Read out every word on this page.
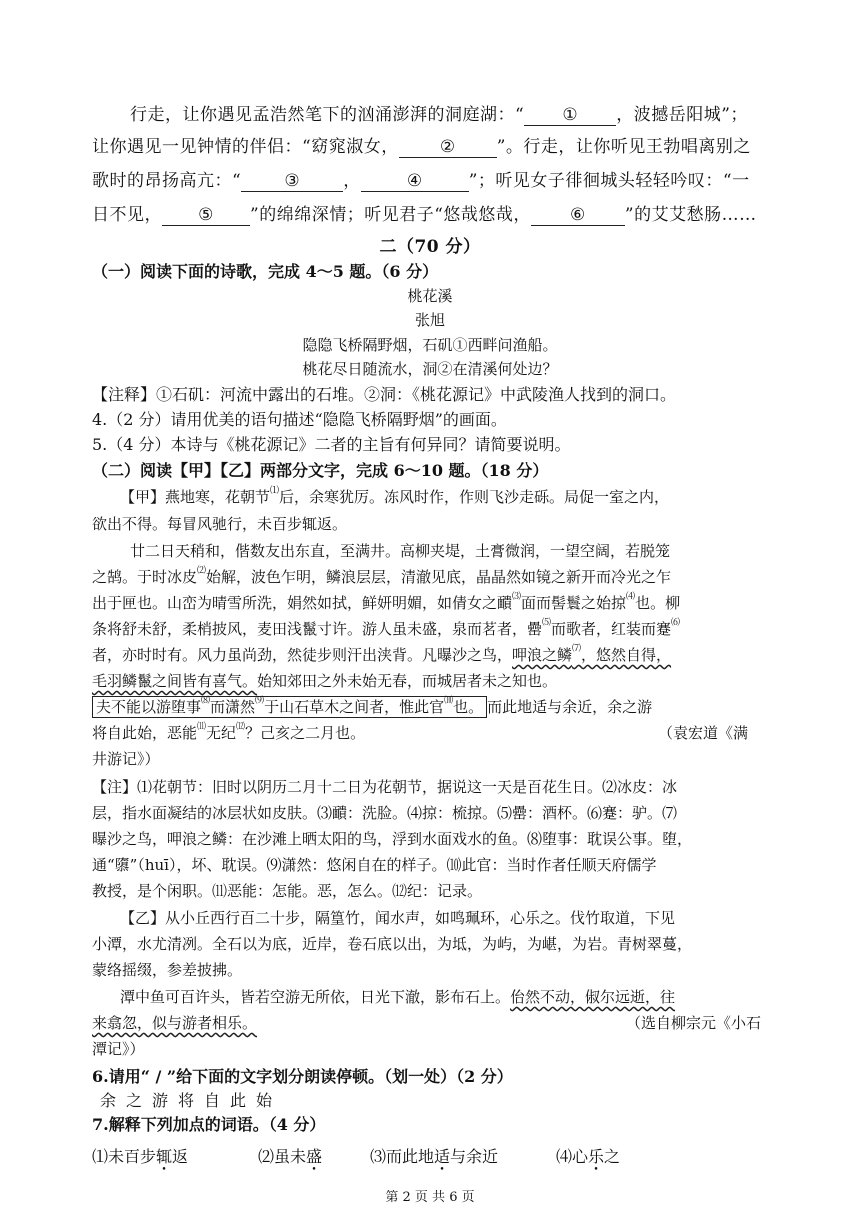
行走，让你遇见孟浩然笔下的汹涌澎湃的洞庭湖：“ ① ，波撼岳阳城”；
让你遇见一见钟情的伴侣：“窈窕淑女， ② ”。行走，让你听见王勃唱离别之
歌时的昂扬高亢：“	③	，	④	”；听见女子徘徊城头轻轻吟叹：“一
日不见， ⑤ ”的绵绵深情；听见君子“悠哉悠哉， ⑥ ”的艾艾愁肠……
二（70 分）
（一）阅读下面的诗歌，完成 4～5 题。（6 分）
桃花溪
张旭
隐隐飞桥隔野烟，石矶①西畔问渔船。
桃花尽日随流水，洞②在清溪何处边？
【注释】①石矶：河流中露出的石堆。②洞：《桃花源记》中武陵渔人找到的洞口。
4.（2 分）请用优美的语句描述“隐隐飞桥隔野烟”的画面。
5.（4 分）本诗与《桃花源记》二者的主旨有何异同？请简要说明。
（二）阅读【甲】【乙】两部分文字，完成 6～10 题。（18 分）
【甲】燕地寒，花朝节⑴后，余寒犹厉。冻风时作，作则飞沙走砾。局促一室之内，
欲出不得。每冒风驰行，未百步辄返。
廿二日天稍和，偕数友出东直，至满井。高柳夹堤，土膏微润，一望空阔，若脱笼
之鹄。于时冰皮⑵始解，波色乍明，鳞浪层层，清澈见底，晶晶然如镜之新开而冷光之乍
出于匣也。山峦为晴雪所洗，娟然如拭，鲜妍明媚，如倩女之靧⑶面而髻鬟之始掠⑷也。柳
条将舒未舒，柔梢披风，麦田浅鬣寸许。游人虽未盛，泉而茗者，罍⑸而歌者，红装而蹇⑹
者，亦时时有。风力虽尚劲，然徒步则汗出浃背。凡曝沙之鸟，呷浪之鳞⑺，悠然自得，
毛羽鳞鬣之间皆有喜气。始知郊田之外未始无春，而城居者未之知也。
夫不能以游堕事⑻而潇然⑼于山石草木之间者，惟此官⑽也。 而此地适与余近，余之游
将自此始，恶能⑾无纪⑿？己亥之二月也。	（袁宏道《满
井游记》）
【注】⑴花朝节：旧时以阴历二月十二日为花朝节，据说这一天是百花生日。⑵冰皮：冰
层，指水面凝结的冰层状如皮肤。⑶靧：洗脸。⑷掠：梳掠。⑸罍：酒杯。⑹蹇：驴。⑺
曝沙之鸟，呷浪之鳞：在沙滩上晒太阳的鸟，浮到水面戏水的鱼。⑻堕事：耽误公事。堕，
通“隳”（huī），坏、耽误。⑼潇然：悠闲自在的样子。⑽此官：当时作者任顺天府儒学
教授，是个闲职。⑾恶能：怎能。恶，怎么。⑿纪：记录。
【乙】从小丘西行百二十步，隔篁竹，闻水声，如鸣珮环，心乐之。伐竹取道，下见
小潭，水尤清冽。全石以为底，近岸，卷石底以出，为坻，为屿，为嵁，为岩。青树翠蔓，
蒙络摇缀，参差披拂。
潭中鱼可百许头，皆若空游无所依，日光下澈，影布石上。佁然不动，俶尔远逝，往
来翕忽，似与游者相乐。	（选自柳宗元《小石
潭记》）
6.请用“ / ”给下面的文字划分朗读停顿。（划一处）（2 分）
余之游将自此始
7.解释下列加点的词语。（4 分）
⑴未百步辄返	⑵虽未盛	⑶而此地适与余近	⑷心乐之
第 2 页 共 6 页
